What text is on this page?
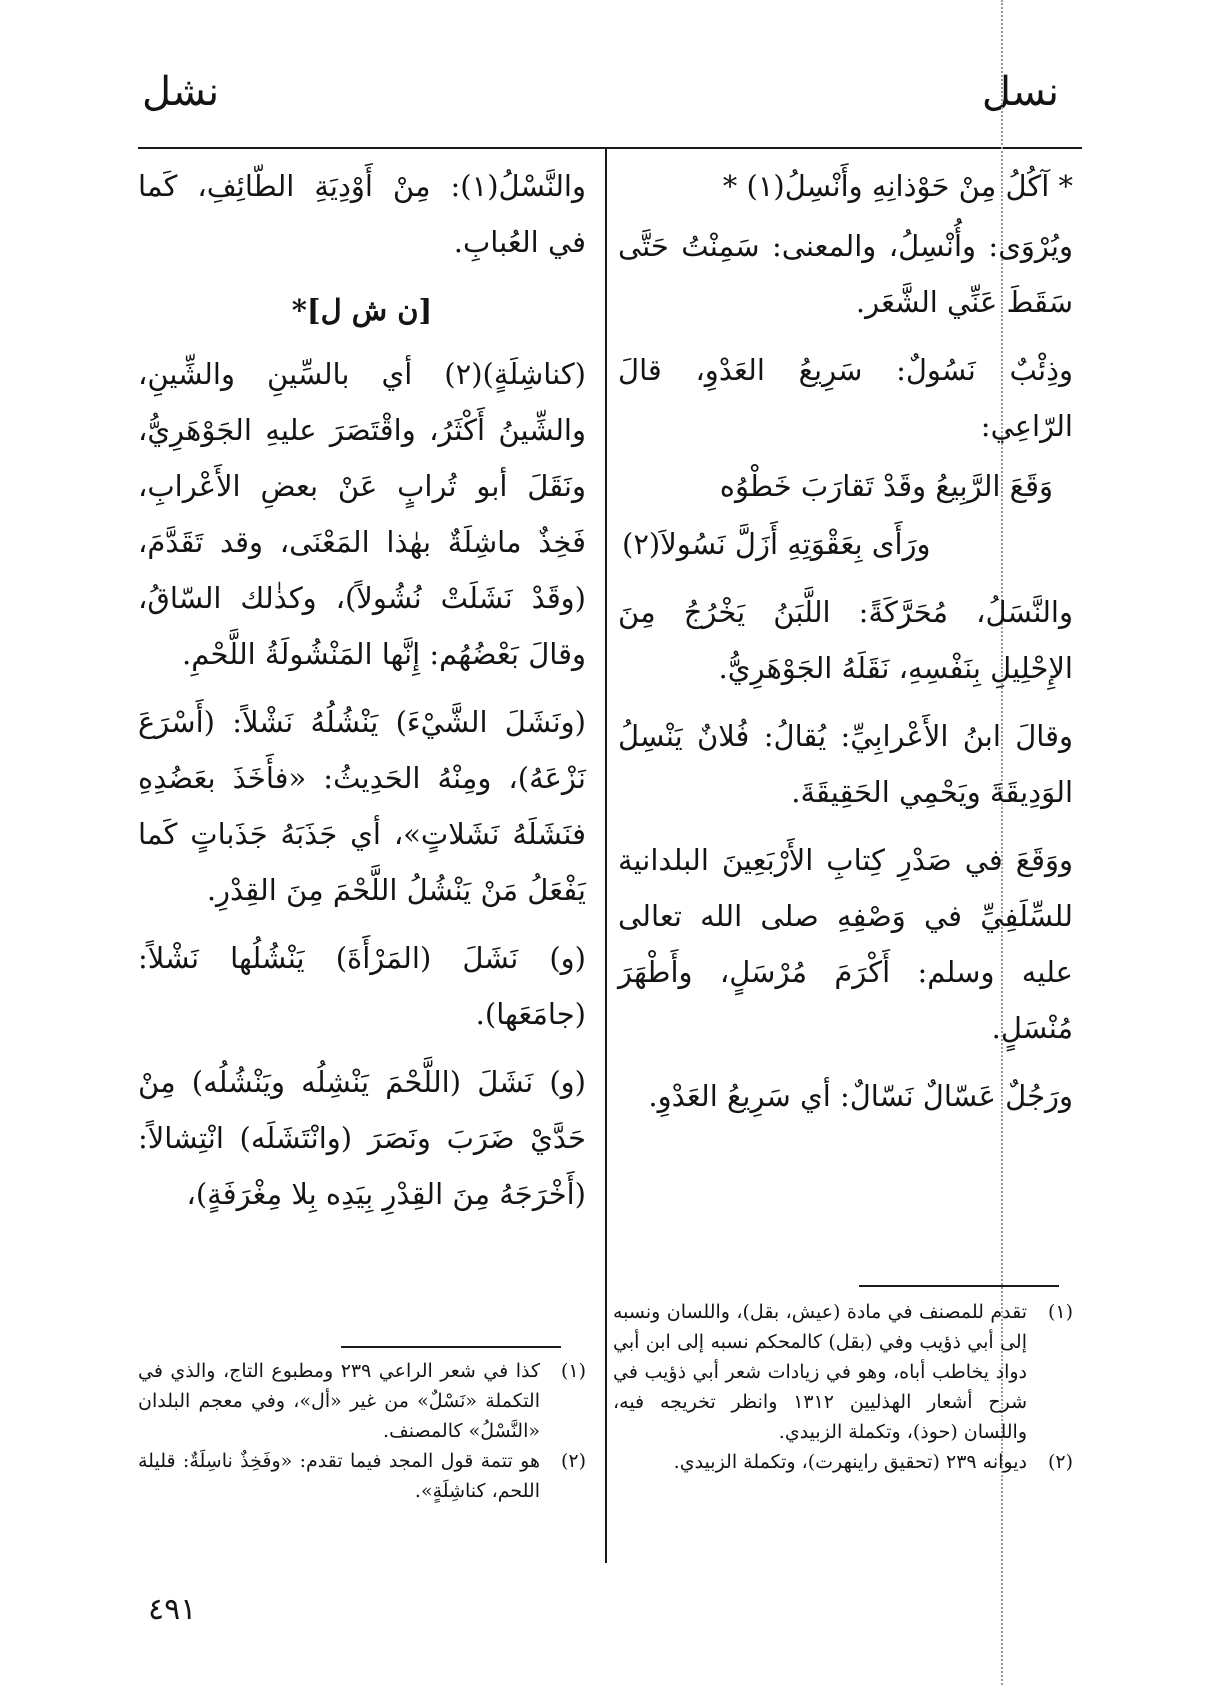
نسل
نشل

* آكُلُ مِنْ حَوْذانِهِ وأَنْسِلُ(١) *

ويُرْوَى: وأُنْسِلُ، والمعنى: سَمِنْتُ حَتَّى سَقَطَ عَنِّي الشَّعَر.

وذِئْبٌ نَسُولٌ: سَرِيعُ العَدْوِ، قالَ الرّاعِي:

وَقَعَ الرَّبِيعُ وقَدْ تَقارَبَ خَطْوُه

ورَأَى بِعَقْوَتِهِ أَزَلَّ نَسُولاَ(٢)

والنَّسَلُ، مُحَرَّكَةً: اللَّبَنُ يَخْرُجُ مِنَ الإِحْلِيلِ بِنَفْسِهِ، نَقَلَهُ الجَوْهَرِيُّ.

وقالَ ابنُ الأَعْرابِيِّ: يُقالُ: فُلانٌ يَنْسِلُ الوَدِيقَةَ ويَحْمِي الحَقِيقَةَ.

ووَقَعَ في صَدْرِ كِتابِ الأَرْبَعِينَ البلدانية للسِّلَفِيِّ في وَصْفِهِ صلى الله تعالى عليه وسلم: أَكْرَمَ مُرْسَلٍ، وأَطْهَرَ مُنْسَلٍ.

ورَجُلٌ عَسّالٌ نَسّالٌ: أي سَرِيعُ العَدْوِ.

والنَّسْلُ(١): مِنْ أَوْدِيَةِ الطّائِفِ، كَما في العُبابِ.

[ن ش ل]*

(كناشِلَةٍ)(٢) أي بالسِّينِ والشِّينِ، والشِّينُ أَكْثَرُ، واقْتَصَرَ عليهِ الجَوْهَرِيُّ، ونَقَلَ أبو تُرابٍ عَنْ بعضِ الأَعْرابِ، فَخِذٌ ماشِلَةٌ بهٰذا المَعْنَى، وقد تَقَدَّمَ، (وقَدْ نَشَلَتْ نُشُولاً)، وكذٰلك السّاقُ، وقالَ بَعْضُهُم: إِنَّها المَنْشُولَةُ اللَّحْمِ.

(ونَشَلَ الشَّيْءَ) يَنْشُلُهُ نَشْلاً: (أَسْرَعَ نَزْعَهُ)، ومِنْهُ الحَدِيثُ: «فأَخَذَ بعَضُدِهِ فنَشَلَهُ نَشَلاتٍ»، أي جَذَبَهُ جَذَباتٍ كَما يَفْعَلُ مَنْ يَنْشُلُ اللَّحْمَ مِنَ القِدْرِ.

(و) نَشَلَ (المَرْأَةَ) يَنْشُلُها نَشْلاً: (جامَعَها).

(و) نَشَلَ (اللَّحْمَ يَنْشِلُه ويَنْشُلُه) مِنْ حَدَّيْ ضَرَبَ ونَصَرَ (وانْتَشَلَه) انْتِشالاً: (أَخْرَجَهُ مِنَ القِدْرِ بِيَدِه بِلا مِغْرَفَةٍ)،

(١)
تقدم للمصنف في مادة (عيش، بقل)، واللسان ونسبه إلى أبي ذؤيب وفي (بقل) كالمحكم نسبه إلى ابن أبي دواد يخاطب أباه، وهو في زيادات شعر أبي ذؤيب في شرح أشعار الهذليين ١٣١٢ وانظر تخريجه فيه، واللسان (حوذ)، وتكملة الزبيدي.
(٢)
ديوانه ٢٣٩ (تحقيق راينهرت)، وتكملة الزبيدي.
(١)
كذا في شعر الراعي ٢٣٩ ومطبوع التاج، والذي في التكملة «نَسْلٌ» من غير «أل»، وفي معجم البلدان «النَّسْلُ» كالمصنف.
(٢)
هو تتمة قول المجد فيما تقدم: «وفَخِذٌ ناسِلَةٌ: قليلة اللحم، كناشِلَةٍ».
٤٩١
